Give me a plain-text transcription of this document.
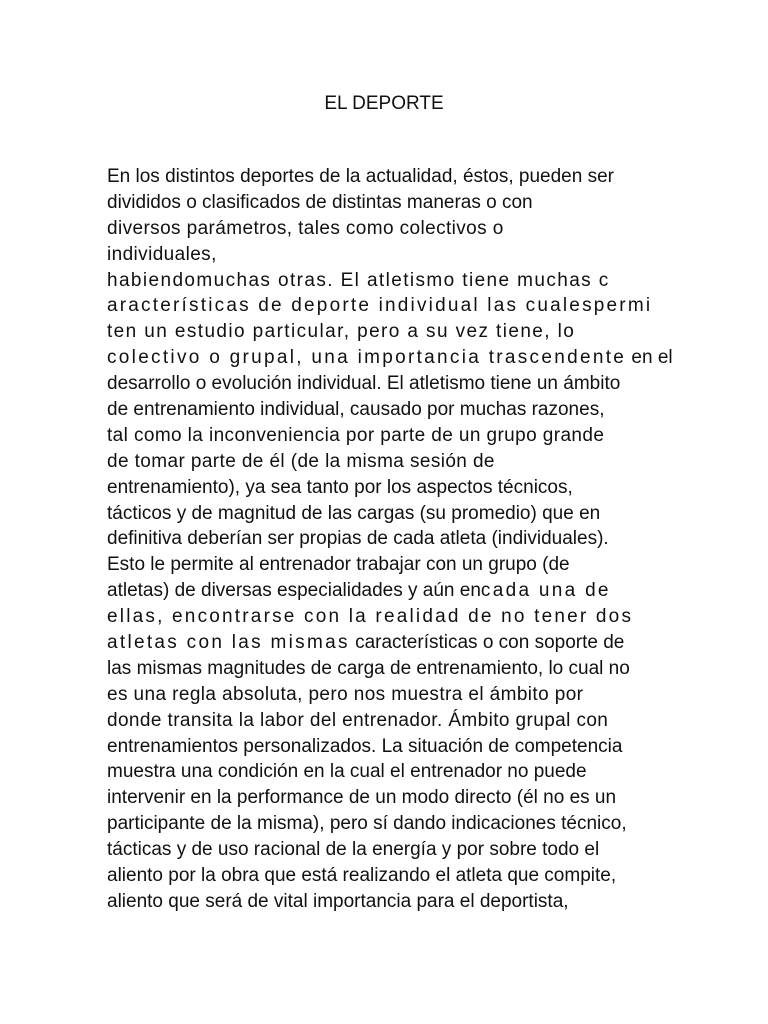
EL DEPORTE
En los distintos deportes de la actualidad, éstos, pueden ser
divididos o clasificados de distintas maneras o con
diversos parámetros, tales como colectivos o
individuales,
habiendomuchas otras. El atletismo tiene muchas c
aracterísticas de deporte individual las cualespermi
ten un estudio particular, pero a su vez tiene, lo
colectivo o grupal, una importancia trascendente en el
desarrollo o evolución individual. El atletismo tiene un ámbito
de entrenamiento individual, causado por muchas razones,
tal como la inconveniencia por parte de un grupo grande
de tomar parte de él (de la misma sesión de
entrenamiento), ya sea tanto por los aspectos técnicos,
tácticos y de magnitud de las cargas (su promedio) que en
definitiva deberían ser propias de cada atleta (individuales).
Esto le permite al entrenador trabajar con un grupo (de
atletas) de diversas especialidades y aún encada una de
ellas, encontrarse con la realidad de no tener dos
atletas con las mismas características o con soporte de
las mismas magnitudes de carga de entrenamiento, lo cual no
es una regla absoluta, pero nos muestra el ámbito por
donde transita la labor del entrenador. Ámbito grupal con
entrenamientos personalizados. La situación de competencia
muestra una condición en la cual el entrenador no puede
intervenir en la performance de un modo directo (él no es un
participante de la misma), pero sí dando indicaciones técnico,
tácticas y de uso racional de la energía y por sobre todo el
aliento por la obra que está realizando el atleta que compite,
aliento que será de vital importancia para el deportista,
